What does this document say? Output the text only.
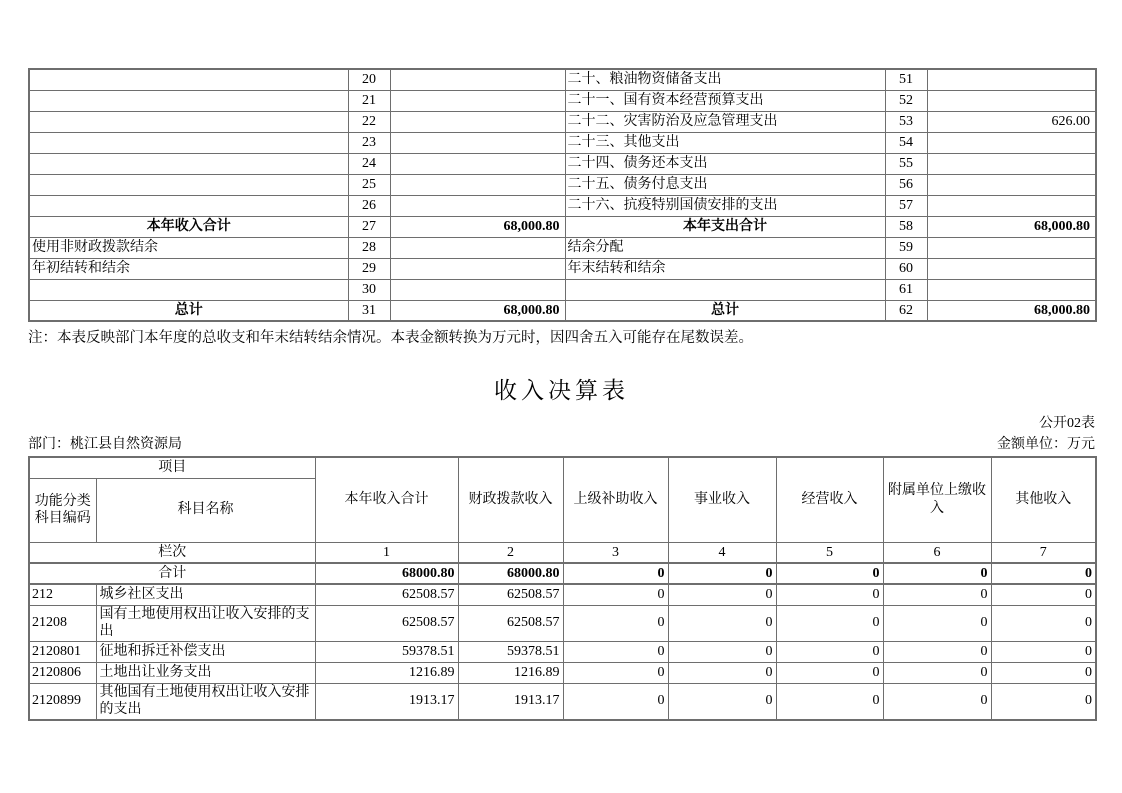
	20		二十、粮油物资储备支出	51	
	21		二十一、国有资本经营预算支出	52	
	22		二十二、灾害防治及应急管理支出	53	626.00
	23		二十三、其他支出	54	
	24		二十四、债务还本支出	55	
	25		二十五、债务付息支出	56	
	26		二十六、抗疫特别国债安排的支出	57	
本年收入合计	27	68,000.80	本年支出合计	58	68,000.80
使用非财政拨款结余	28		结余分配	59	
年初结转和结余	29		年末结转和结余	60	
	30			61	
总计	31	68,000.80	总计	62	68,000.80
注：本表反映部门本年度的总收支和年末结转结余情况。本表金额转换为万元时，因四舍五入可能存在尾数误差。
收入决算表
公开02表
部门：桃江县自然资源局	金额单位：万元
项目		本年收入合计	财政拨款收入	上级补助收入	事业收入	经营收入	附属单位上缴收入	其他收入
功能分类科目编码	科目名称							
栏次		1	2	3	4	5	6	7
合计		68000.80	68000.80	0	0	0	0	0
212	城乡社区支出	62508.57	62508.57	0	0	0	0	0
21208	国有土地使用权出让收入安排的支出	62508.57	62508.57	0	0	0	0	0
2120801	征地和拆迁补偿支出	59378.51	59378.51	0	0	0	0	0
2120806	土地出让业务支出	1216.89	1216.89	0	0	0	0	0
2120899	其他国有土地使用权出让收入安排的支出	1913.17	1913.17	0	0	0	0	0
